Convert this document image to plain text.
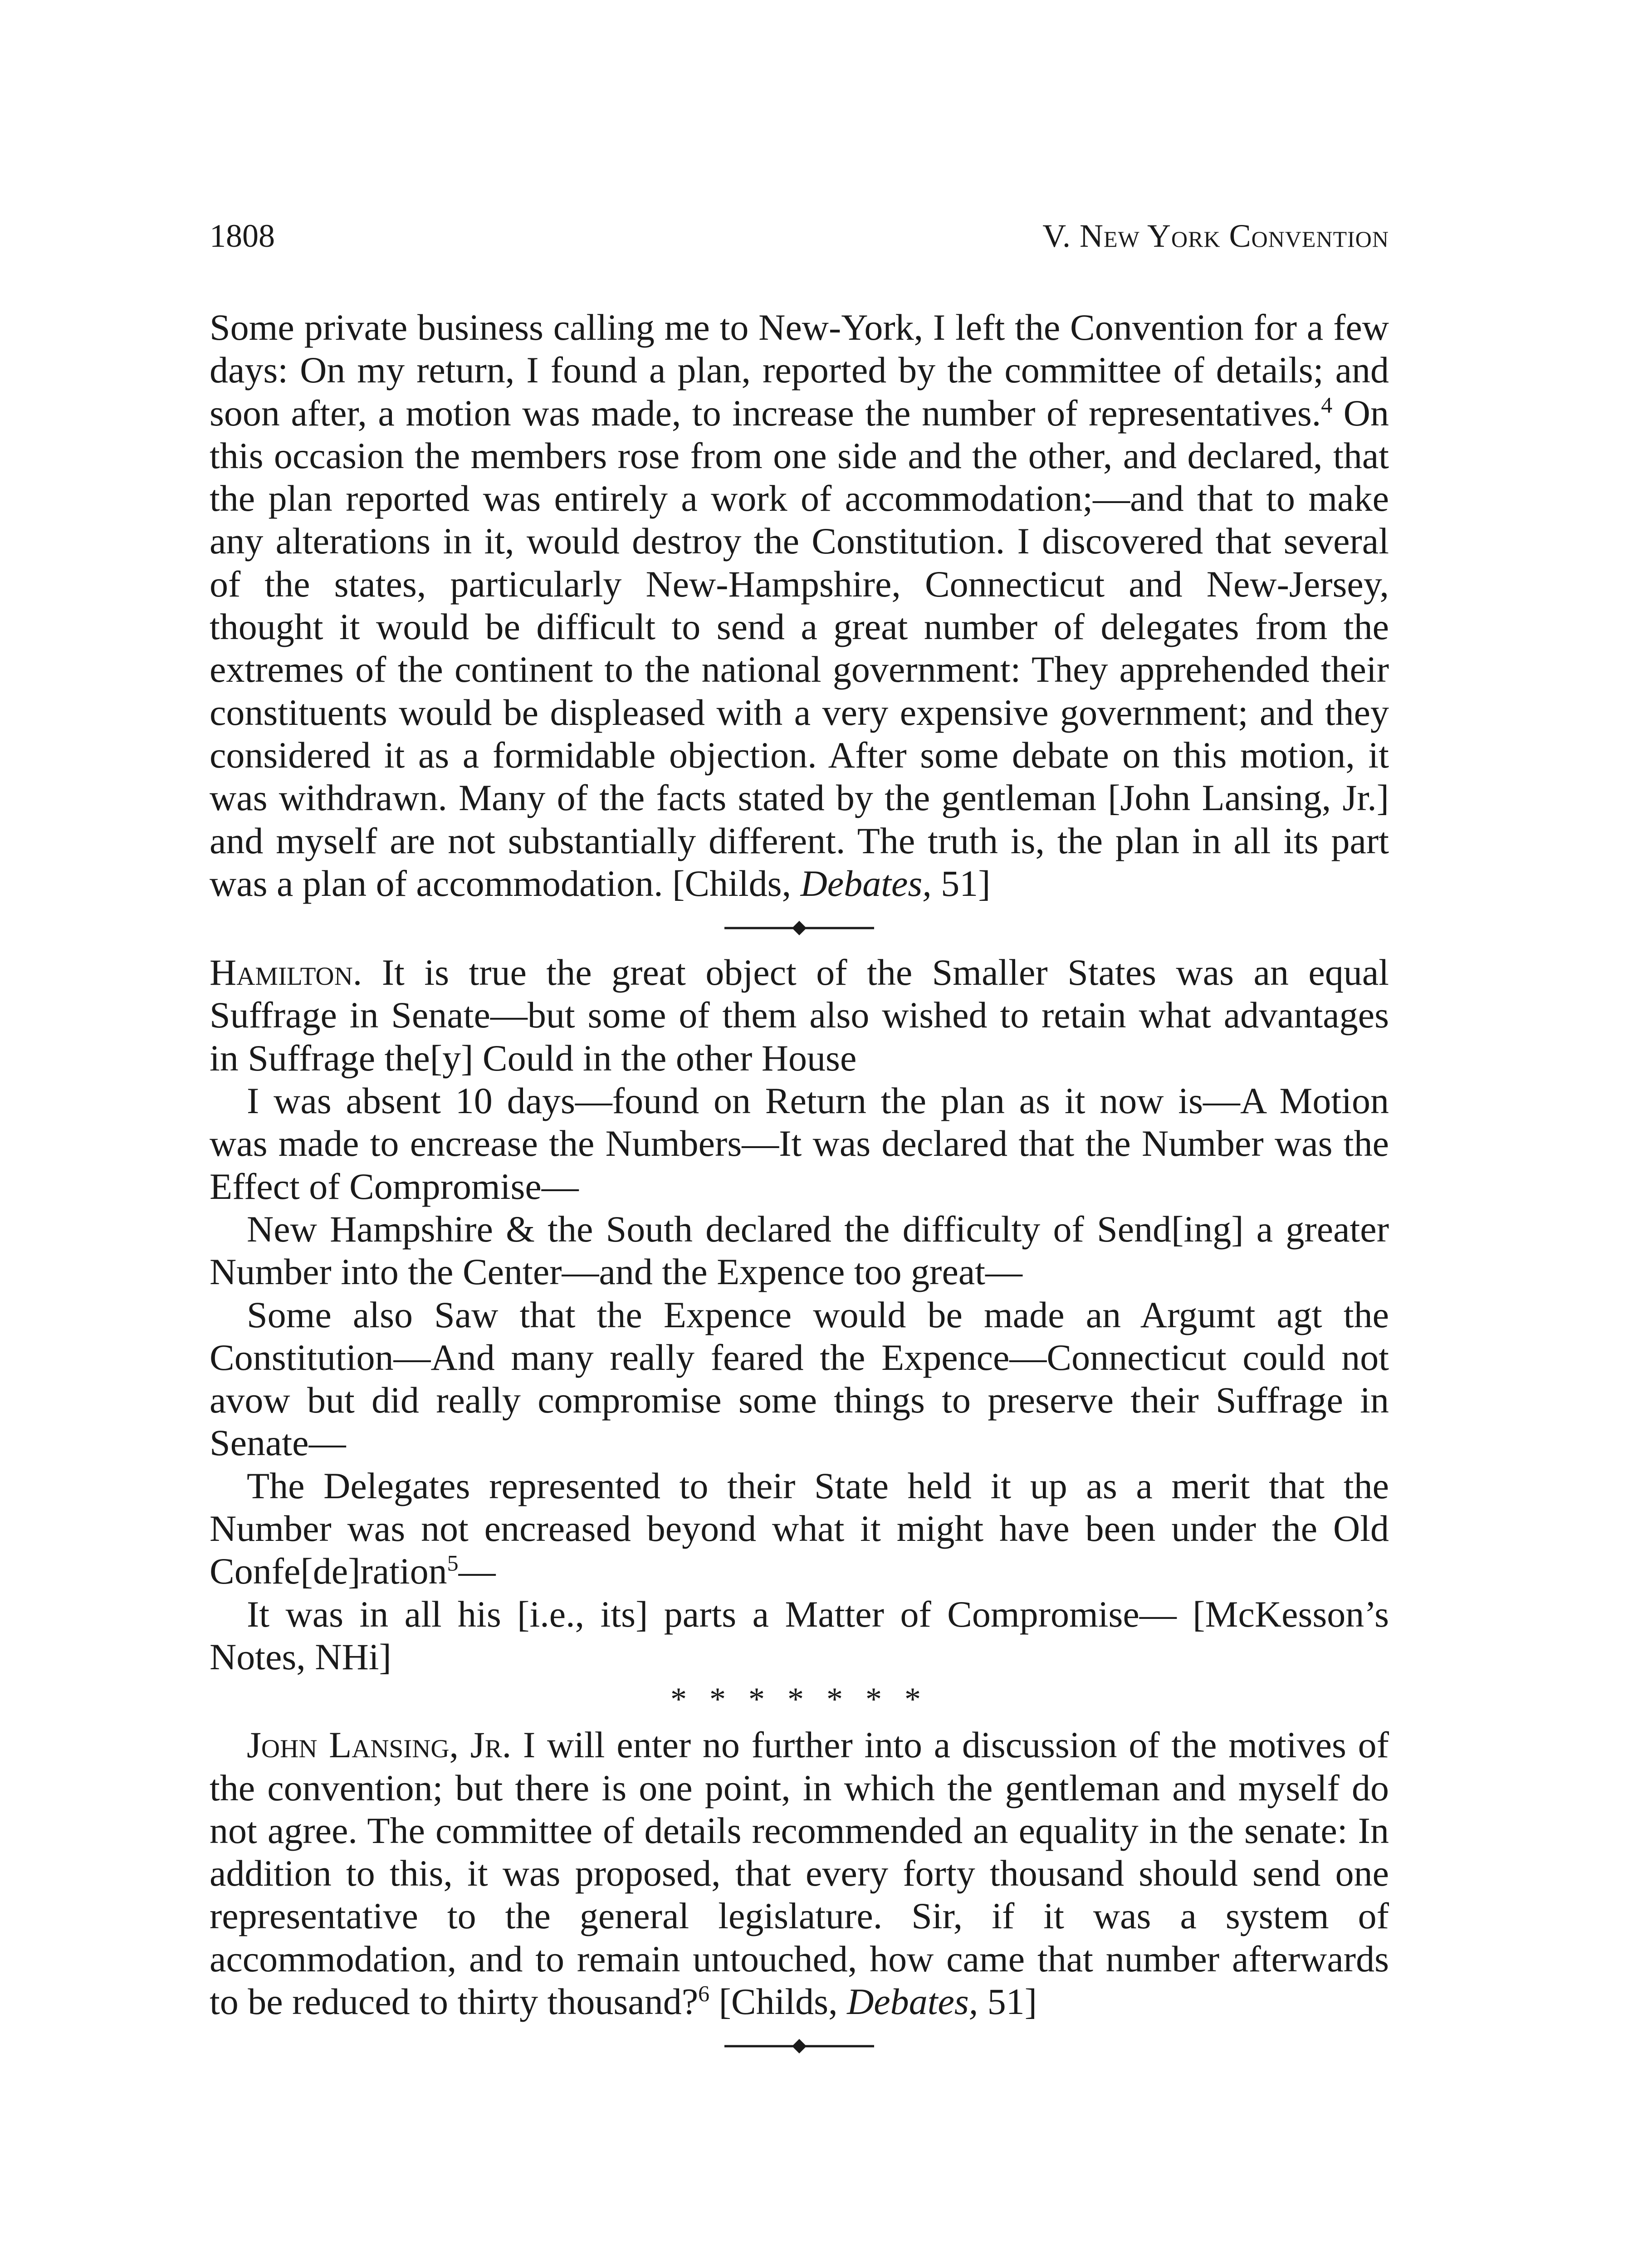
1808	V. New York Convention

Some private business calling me to New-York, I left the Convention for a few days: On my return, I found a plan, reported by the committee of details; and soon after, a motion was made, to increase the number of representatives.$^4$ On this occasion the members rose from one side and the other, and declared, that the plan reported was entirely a work of accommodation;—and that to make any alterations in it, would destroy the Constitution. I discovered that several of the states, particularly New-Hampshire, Connecticut and New-Jersey, thought it would be difficult to send a great number of delegates from the extremes of the continent to the national government: They apprehended their constituents would be displeased with a very expensive government; and they considered it as a formidable objection. After some debate on this motion, it was withdrawn. Many of the facts stated by the gentleman [John Lansing, Jr.] and myself are not substantially different. The truth is, the plan in all its part was a plan of accommodation. [Childs, Debates, 51]

Hamilton. It is true the great object of the Smaller States was an equal Suffrage in Senate—but some of them also wished to retain what advantages in Suffrage the[y] Could in the other House

I was absent 10 days—found on Return the plan as it now is—A Motion was made to encrease the Numbers—It was declared that the Number was the Effect of Compromise—

New Hampshire & the South declared the difficulty of Send[ing] a greater Number into the Center—and the Expence too great—

Some also Saw that the Expence would be made an Argumt agt the Constitution—And many really feared the Expence—Connecticut could not avow but did really compromise some things to preserve their Suffrage in Senate—

The Delegates represented to their State held it up as a merit that the Number was not encreased beyond what it might have been under the Old Confe[de]ration$^5$—

It was in all his [i.e., its] parts a Matter of Compromise— [McKesson’s Notes, NHi]

* * * * * * *

John Lansing, Jr. I will enter no further into a discussion of the motives of the convention; but there is one point, in which the gentleman and myself do not agree. The committee of details recommended an equality in the senate: In addition to this, it was proposed, that every forty thousand should send one representative to the general legislature. Sir, if it was a system of accommodation, and to remain untouched, how came that number afterwards to be reduced to thirty thousand?$^6$ [Childs, Debates, 51]
